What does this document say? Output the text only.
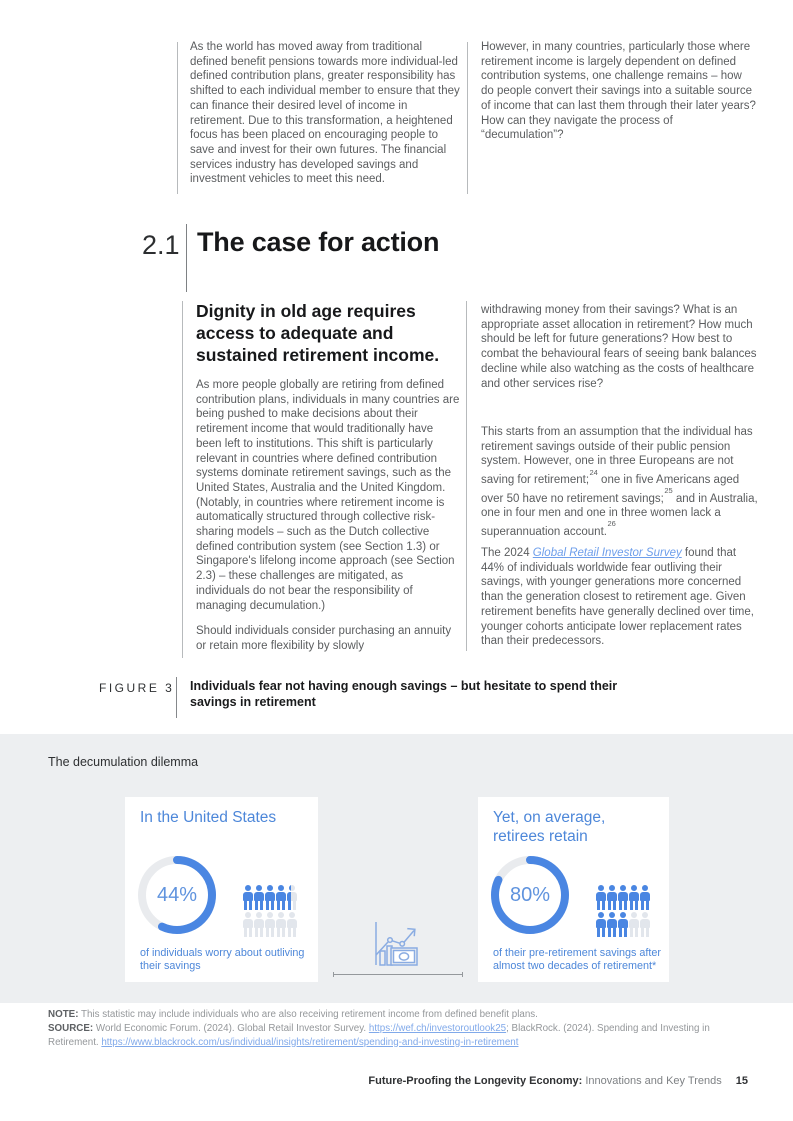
As the world has moved away from traditional defined benefit pensions towards more individual-led defined contribution plans, greater responsibility has shifted to each individual member to ensure that they can finance their desired level of income in retirement. Due to this transformation, a heightened focus has been placed on encouraging people to save and invest for their own futures. The financial services industry has developed savings and investment vehicles to meet this need.

However, in many countries, particularly those where retirement income is largely dependent on defined contribution systems, one challenge remains – how do people convert their savings into a suitable source of income that can last them through their later years? How can they navigate the process of “decumulation”?

2.1 The case for action
Dignity in old age requires access to adequate and sustained retirement income.

As more people globally are retiring from defined contribution plans, individuals in many countries are being pushed to make decisions about their retirement income that would traditionally have been left to institutions. This shift is particularly relevant in countries where defined contribution systems dominate retirement savings, such as the United States, Australia and the United Kingdom. (Notably, in countries where retirement income is automatically structured through collective risk-sharing models – such as the Dutch collective defined contribution system (see Section 1.3) or Singapore's lifelong income approach (see Section 2.3) – these challenges are mitigated, as individuals do not bear the responsibility of managing decumulation.)

Should individuals consider purchasing an annuity or retain more flexibility by slowly

withdrawing money from their savings? What is an appropriate asset allocation in retirement? How much should be left for future generations? How best to combat the behavioural fears of seeing bank balances decline while also watching as the costs of healthcare and other services rise?

This starts from an assumption that the individual has retirement savings outside of their public pension system. However, one in three Europeans are not saving for retirement;$^{24}$ one in five Americans aged over 50 have no retirement savings;$^{25}$ and in Australia, one in four men and one in three women lack a superannuation account.$^{26}$

The 2024 Global Retail Investor Survey found that 44% of individuals worldwide fear outliving their savings, with younger generations more concerned than the generation closest to retirement age. Given retirement benefits have generally declined over time, younger cohorts anticipate lower replacement rates than their predecessors.

FIGURE 3 Individuals fear not having enough savings – but hesitate to spend their savings in retirement
The decumulation dilemma
In the United States
44%
of individuals worry about outliving their savings
Yet, on average, retirees retain
80%
of their pre-retirement savings after almost two decades of retirement*

NOTE: This statistic may include individuals who are also receiving retirement income from defined benefit plans.

SOURCE: World Economic Forum. (2024). Global Retail Investor Survey. https://wef.ch/investoroutlook25; BlackRock. (2024). Spending and Investing in Retirement. https://www.blackrock.com/us/individual/insights/retirement/spending-and-investing-in-retirement

Future-Proofing the Longevity Economy: Innovations and Key Trends 15
